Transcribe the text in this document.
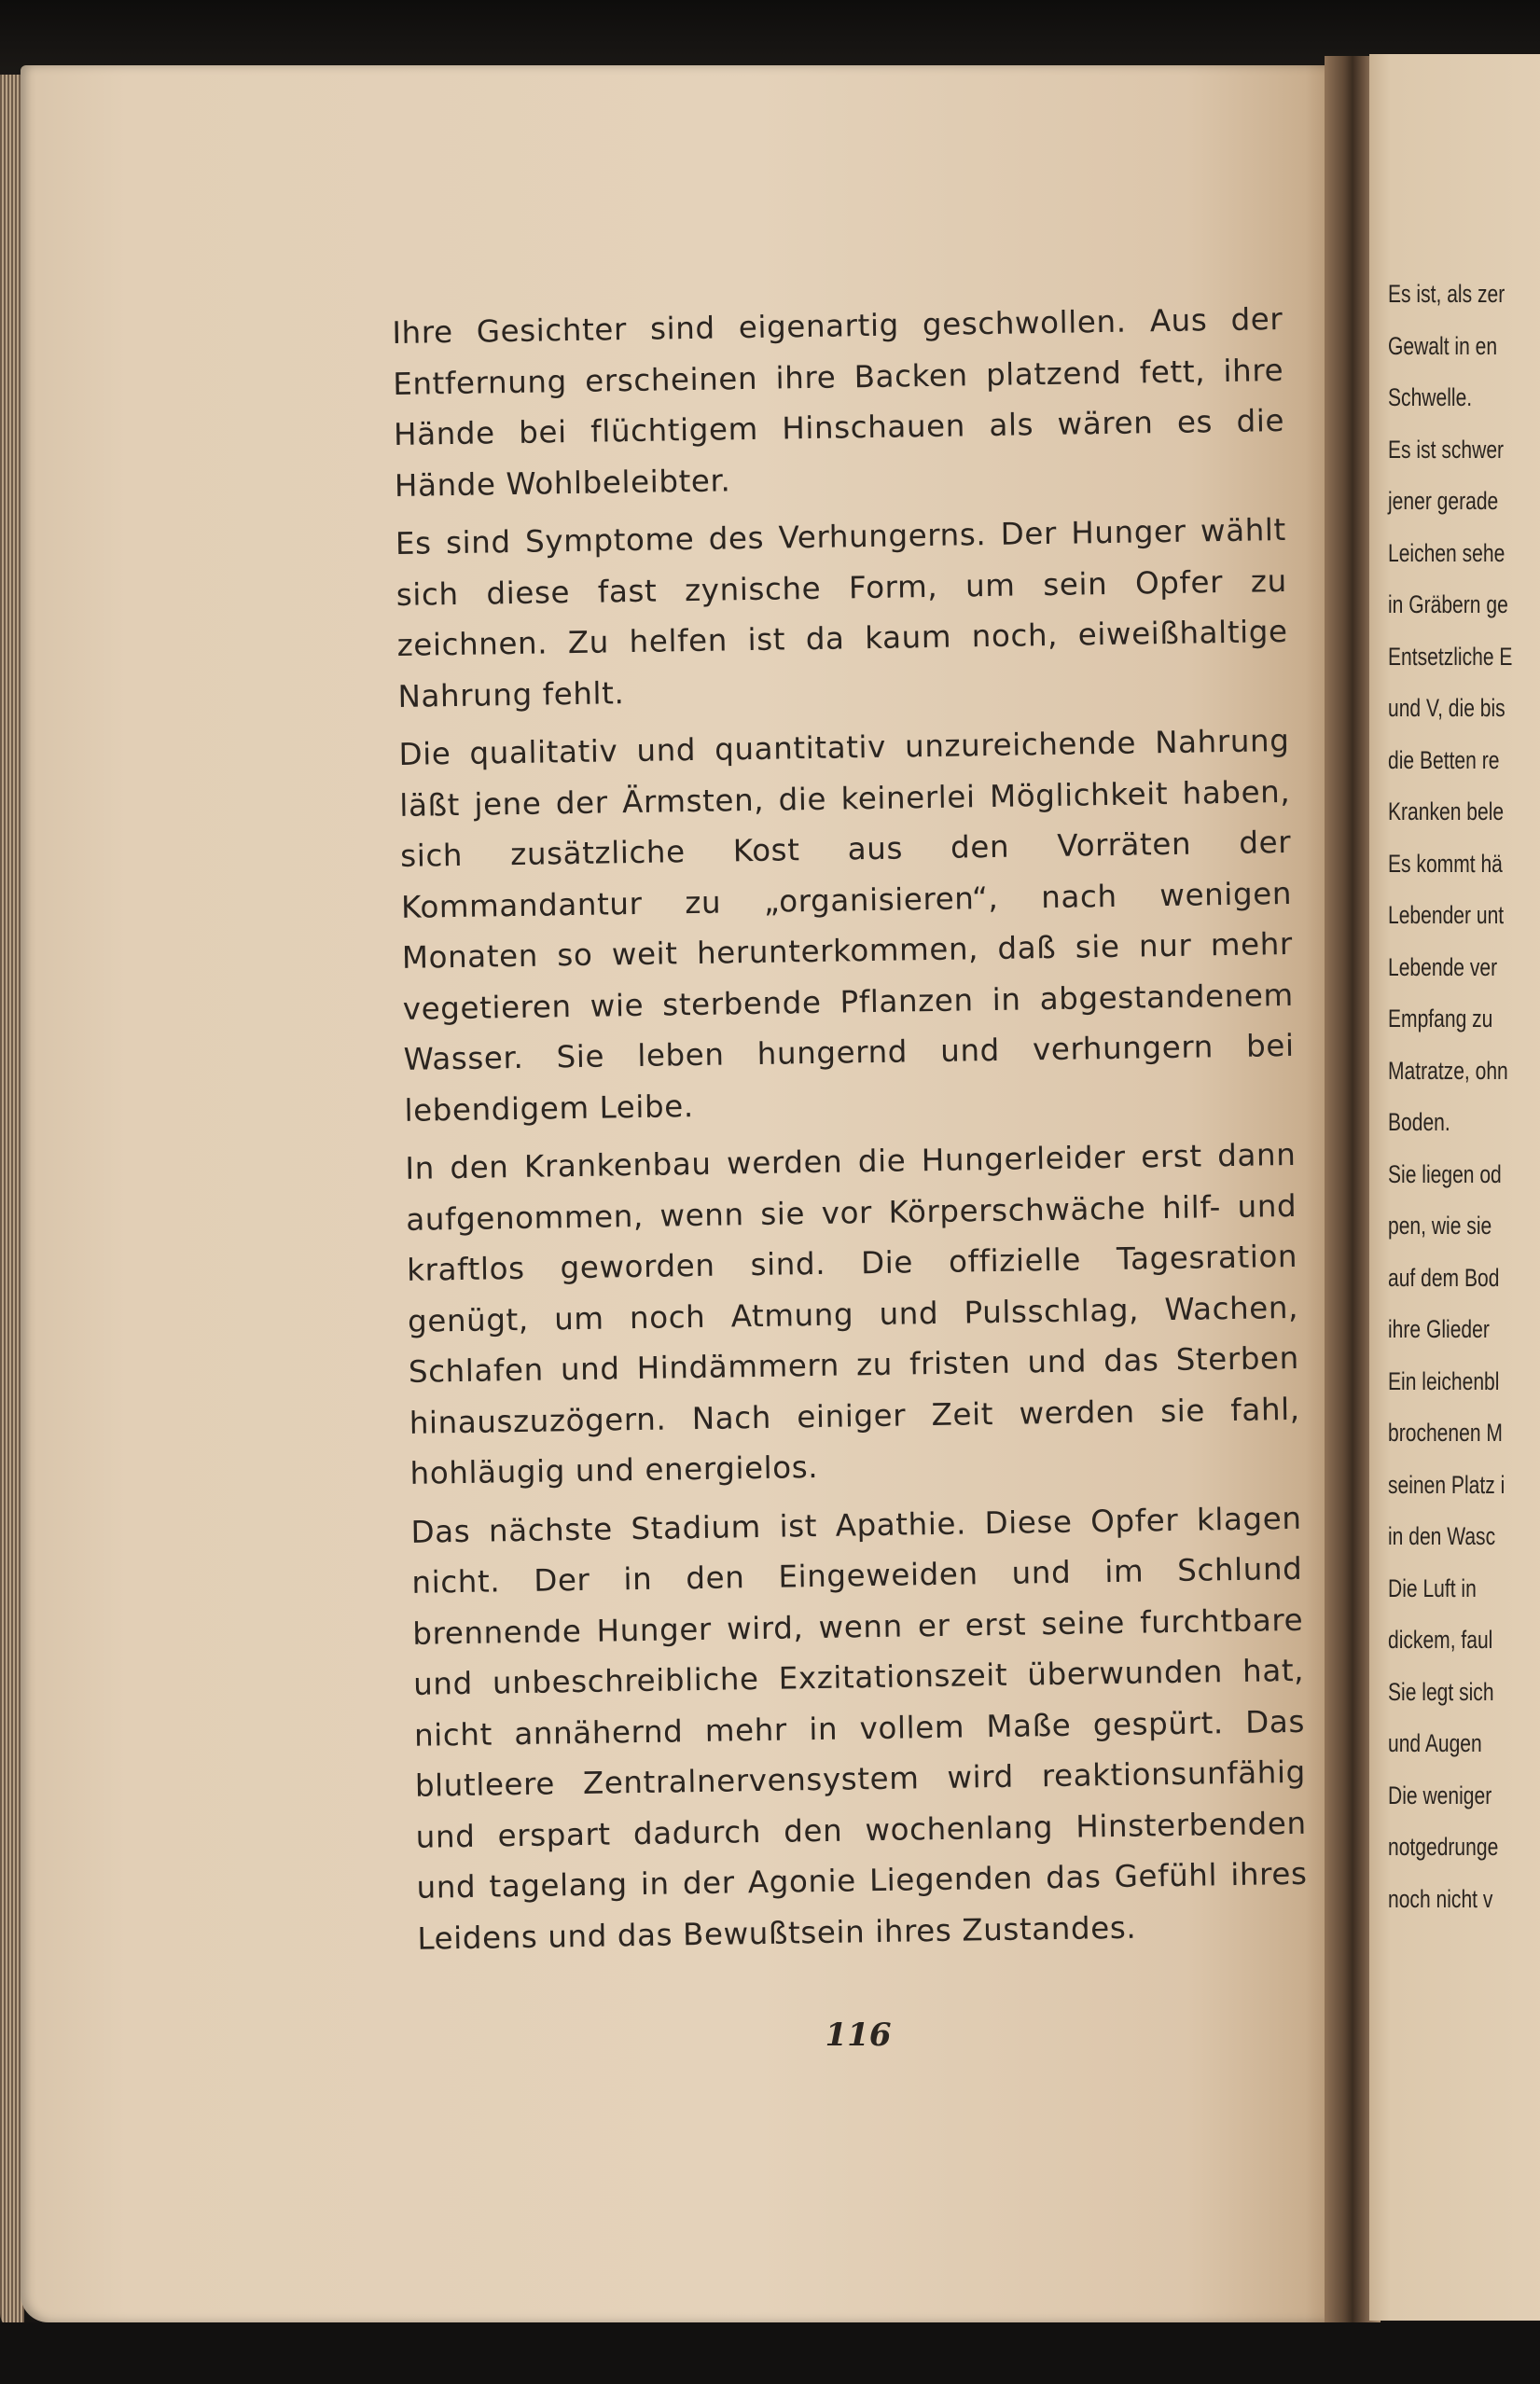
Es ist, als zer
Gewalt in en
Schwelle.
Es ist schwer
jener gerade
Leichen sehe
in Gräbern ge
Entsetzliche E
und V, die bis
die Betten re
Kranken bele
Es kommt hä
Lebender unt
Lebende ver
Empfang zu
Matratze, ohn
Boden.
Sie liegen od
pen, wie sie
auf dem Bod
ihre Glieder
Ein leichenbl
brochenen M
seinen Platz i
in den Wasc
Die Luft in
dickem, faul
Sie legt sich
und Augen
Die weniger
notgedrunge
noch nicht v

Ihre Gesichter sind eigenartig geschwollen. Aus der Entfernung erscheinen ihre Backen platzend fett, ihre Hände bei flüchtigem Hinschauen als wären es die Hände Wohlbeleibter.

Es sind Symptome des Verhungerns. Der Hunger wählt sich diese fast zynische Form, um sein Opfer zu zeichnen. Zu helfen ist da kaum noch, eiweißhaltige Nahrung fehlt.

Die qualitativ und quantitativ unzureichende Nahrung läßt jene der Ärmsten, die keinerlei Möglichkeit haben, sich zusätzliche Kost aus den Vorräten der Kommandantur zu „organisieren“, nach wenigen Monaten so weit herunterkommen, daß sie nur mehr vegetieren wie sterbende Pflanzen in abgestandenem Wasser. Sie leben hungernd und verhungern bei lebendigem Leibe.

In den Krankenbau werden die Hungerleider erst dann aufgenommen, wenn sie vor Körperschwäche hilf- und kraftlos geworden sind. Die offizielle Tagesration genügt, um noch Atmung und Pulsschlag, Wachen, Schlafen und Hindämmern zu fristen und das Sterben hinauszuzögern. Nach einiger Zeit werden sie fahl, hohläugig und energielos.

Das nächste Stadium ist Apathie. Diese Opfer klagen nicht. Der in den Eingeweiden und im Schlund brennende Hunger wird, wenn er erst seine furchtbare und unbeschreibliche Exzitationszeit überwunden hat, nicht annähernd mehr in vollem Maße gespürt. Das blutleere Zentralnervensystem wird reaktionsunfähig und erspart dadurch den wochenlang Hinsterbenden und tagelang in der Agonie Liegenden das Gefühl ihres Leidens und das Bewußtsein ihres Zustandes.

116
